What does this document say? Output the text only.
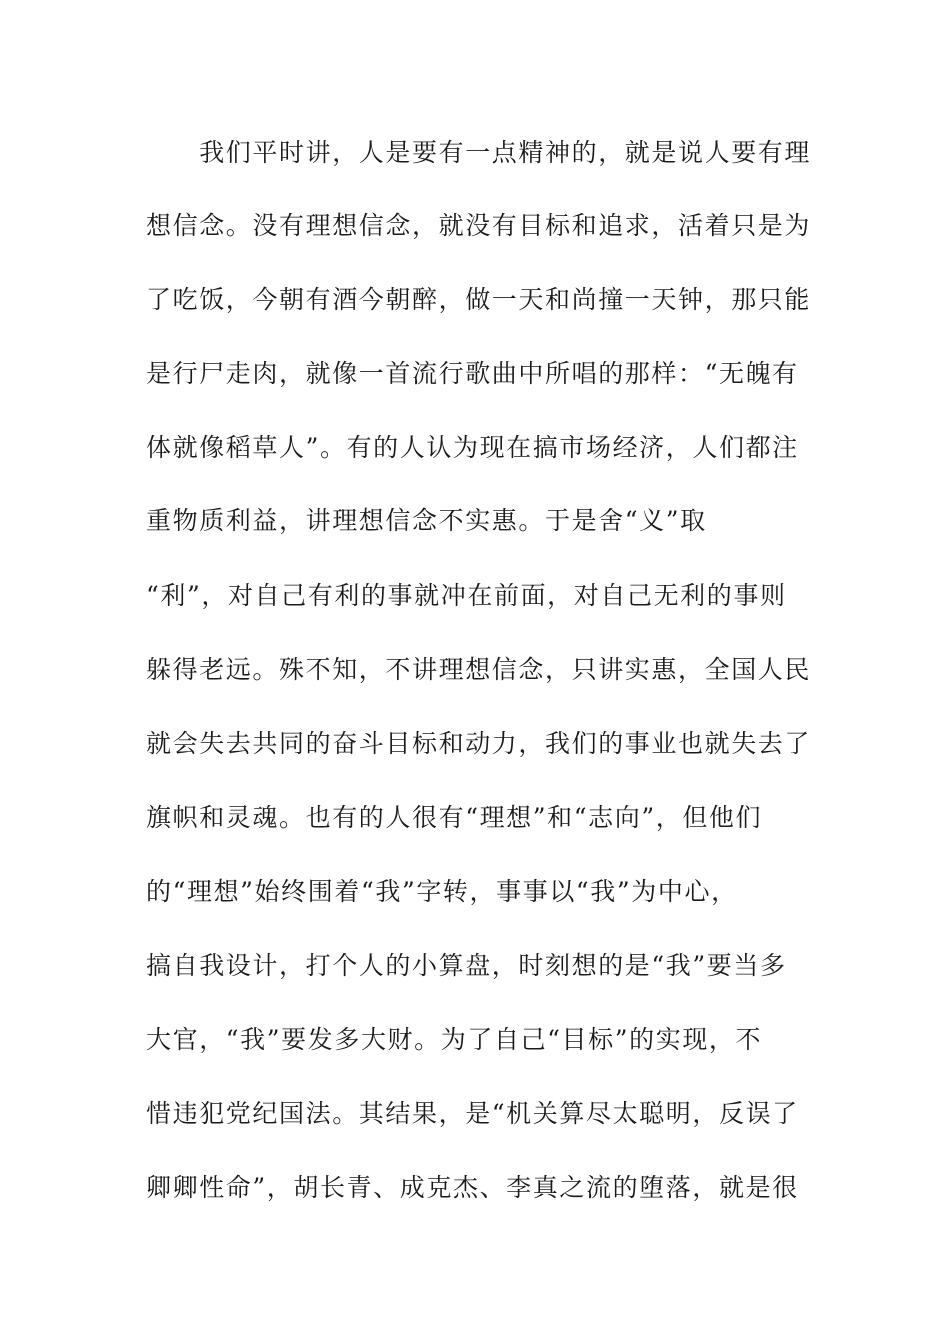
　　我们平时讲，人是要有一点精神的，就是说人要有理
想信念。没有理想信念，就没有目标和追求，活着只是为
了吃饭，今朝有酒今朝醉，做一天和尚撞一天钟，那只能
是行尸走肉，就像一首流行歌曲中所唱的那样：“无魄有
体就像稻草人”。有的人认为现在搞市场经济，人们都注
重物质利益，讲理想信念不实惠。于是舍“义”取
“利”，对自己有利的事就冲在前面，对自己无利的事则
躲得老远。殊不知，不讲理想信念，只讲实惠，全国人民
就会失去共同的奋斗目标和动力，我们的事业也就失去了
旗帜和灵魂。也有的人很有“理想”和“志向”，但他们
的“理想”始终围着“我”字转，事事以“我”为中心，
搞自我设计，打个人的小算盘，时刻想的是“我”要当多
大官，“我”要发多大财。为了自己“目标”的实现，不
惜违犯党纪国法。其结果，是“机关算尽太聪明，反误了
卿卿性命”，胡长青、成克杰、李真之流的堕落，就是很
